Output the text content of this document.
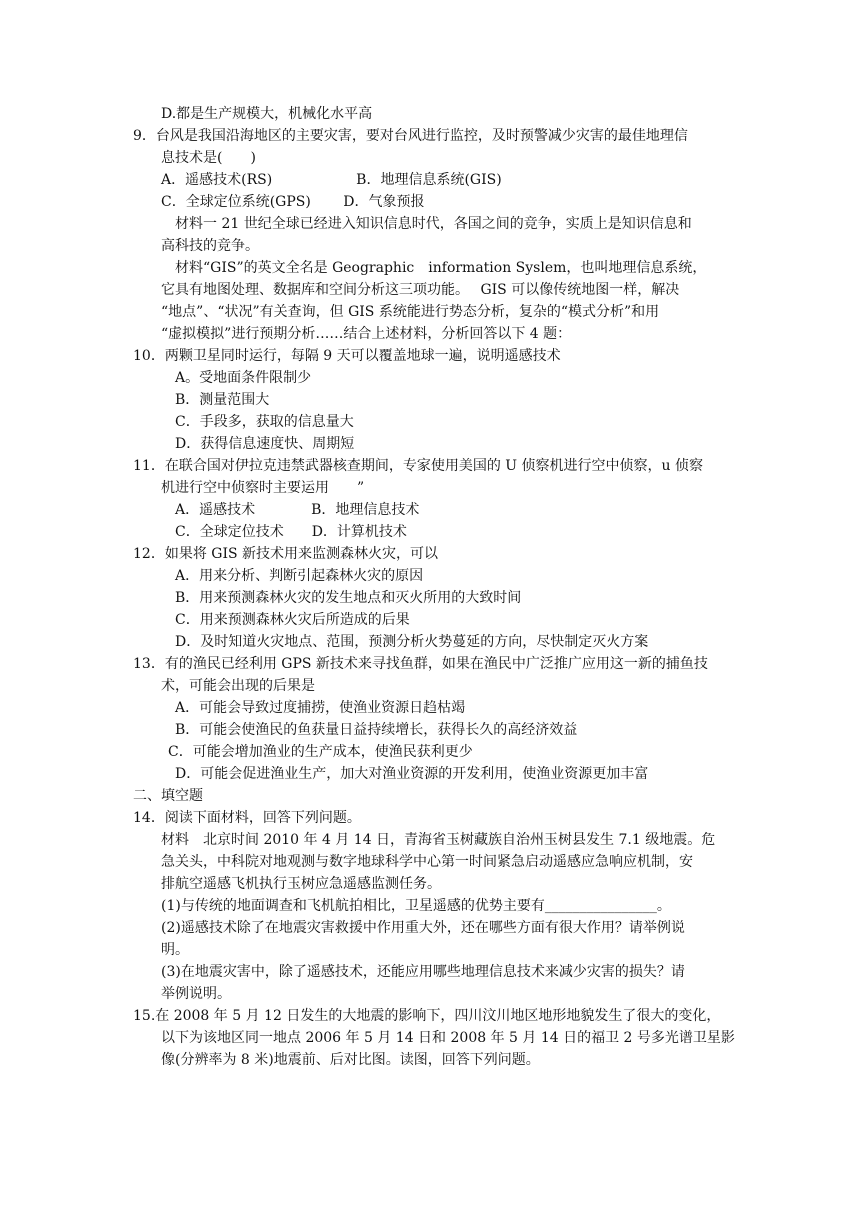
D.都是生产规模大，机械化水平高
9．台风是我国沿海地区的主要灾害，要对台风进行监控，及时预警减少灾害的最佳地理信
息技术是(　　)
A．遥感技术(RS)　　　　　　B．地理信息系统(GIS)
C．全球定位系统(GPS)　　 D．气象预报
材料一 21 世纪全球已经进入知识信息时代，各国之间的竞争，实质上是知识信息和
高科技的竞争。
材料“GIS”的英文全名是 Geographic　information Syslem，也叫地理信息系统，
它具有地图处理、数据库和空间分析这三项功能。　 GIS 可以像传统地图一样，解决
“地点”、“状况”有关查询，但 GIS 系统能进行势态分析，复杂的“模式分析”和用
“虚拟模拟”进行预期分析……结合上述材料，分析回答以下 4 题：
10．两颗卫星同时运行，每隔 9 天可以覆盖地球一遍，说明遥感技术
A。受地面条件限制少
B．测量范围大
C．手段多，获取的信息量大
D．获得信息速度快、周期短
11．在联合国对伊拉克违禁武器核查期间，专家使用美国的 U 侦察机进行空中侦察，u 侦察
机进行空中侦察时主要运用　　”
A．遥感技术　　　　B．地理信息技术
C．全球定位技术　　D．计算机技术
12．如果将 GIS 新技术用来监测森林火灾，可以
A．用来分析、判断引起森林火灾的原因
B．用来预测森林火灾的发生地点和灭火所用的大致时间
C．用来预测森林火灾后所造成的后果
D．及时知道火灾地点、范围，预测分析火势蔓延的方向，尽快制定灭火方案
13．有的渔民已经利用 GPS 新技术来寻找鱼群，如果在渔民中广泛推广应用这一新的捕鱼技
术，可能会出现的后果是
A．可能会导致过度捕捞，使渔业资源日趋枯竭
B．可能会使渔民的鱼获量日益持续增长，获得长久的高经济效益
C．可能会增加渔业的生产成本，使渔民获利更少
D．可能会促进渔业生产，加大对渔业资源的开发利用，使渔业资源更加丰富
二、填空题
14．阅读下面材料，回答下列问题。
材料　北京时间 2010 年 4 月 14 日，青海省玉树藏族自治州玉树县发生 7.1 级地震。危
急关头，中科院对地观测与数字地球科学中心第一时间紧急启动遥感应急响应机制，安
排航空遥感飞机执行玉树应急遥感监测任务。
(1)与传统的地面调查和飞机航拍相比，卫星遥感的优势主要有________________。
(2)遥感技术除了在地震灾害救援中作用重大外，还在哪些方面有很大作用？请举例说
明。
(3)在地震灾害中，除了遥感技术，还能应用哪些地理信息技术来减少灾害的损失？请
举例说明。
15.在 2008 年 5 月 12 日发生的大地震的影响下，四川汶川地区地形地貌发生了很大的变化，
以下为该地区同一地点 2006 年 5 月 14 日和 2008 年 5 月 14 日的福卫 2 号多光谱卫星影
像(分辨率为 8 米)地震前、后对比图。读图，回答下列问题。
